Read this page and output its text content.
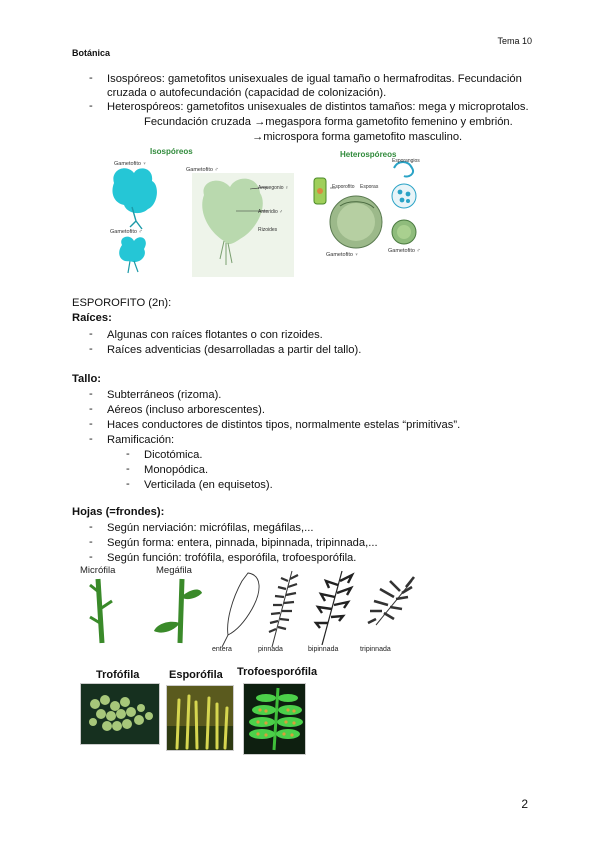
Tema 10
Botánica
- Isospóreos: gametofitos unisexuales de igual tamaño o hermafroditas. Fecundación
cruzada o autofecundación (capacidad de colonización).
- Heterospóreos: gametofitos unisexuales de distintos tamaños: mega y microprotalos.
Fecundación cruzada →megaspora forma gametofito femenino y embrión.
→microspora forma gametofito masculino.
Isospóreos
Gametofito ♀
Gametofito ♂
Gametofito ♂
Arquegonio ♀
Anteridio ♂
Rizoides
Heterospóreos
Esporofito Esporas
Esporangios
Gametofito ♀
Gametofito ♂
ESPOROFITO (2n):
Raíces:
- Algunas con raíces flotantes o con rizoides.
- Raíces adventicias (desarrolladas a partir del tallo).
Tallo:
- Subterráneos (rizoma).
- Aéreos (incluso arborescentes).
- Haces conductores de distintos tipos, normalmente estelas “primitivas”.
- Ramificación:
- Dicotómica.
- Monopódica.
- Verticilada (en equisetos).
Hojas (=frondes):
- Según nerviación: micrófilas, megáfilas,...
- Según forma: entera, pinnada, bipinnada, tripinnada,...
- Según función: trofófila, esporófila, trofoesporófila.
Micrófila	Megáfila
entera	pinnada	bipinnada	tripinnada
Trofófila	Esporófila Trofoesporófila
2
